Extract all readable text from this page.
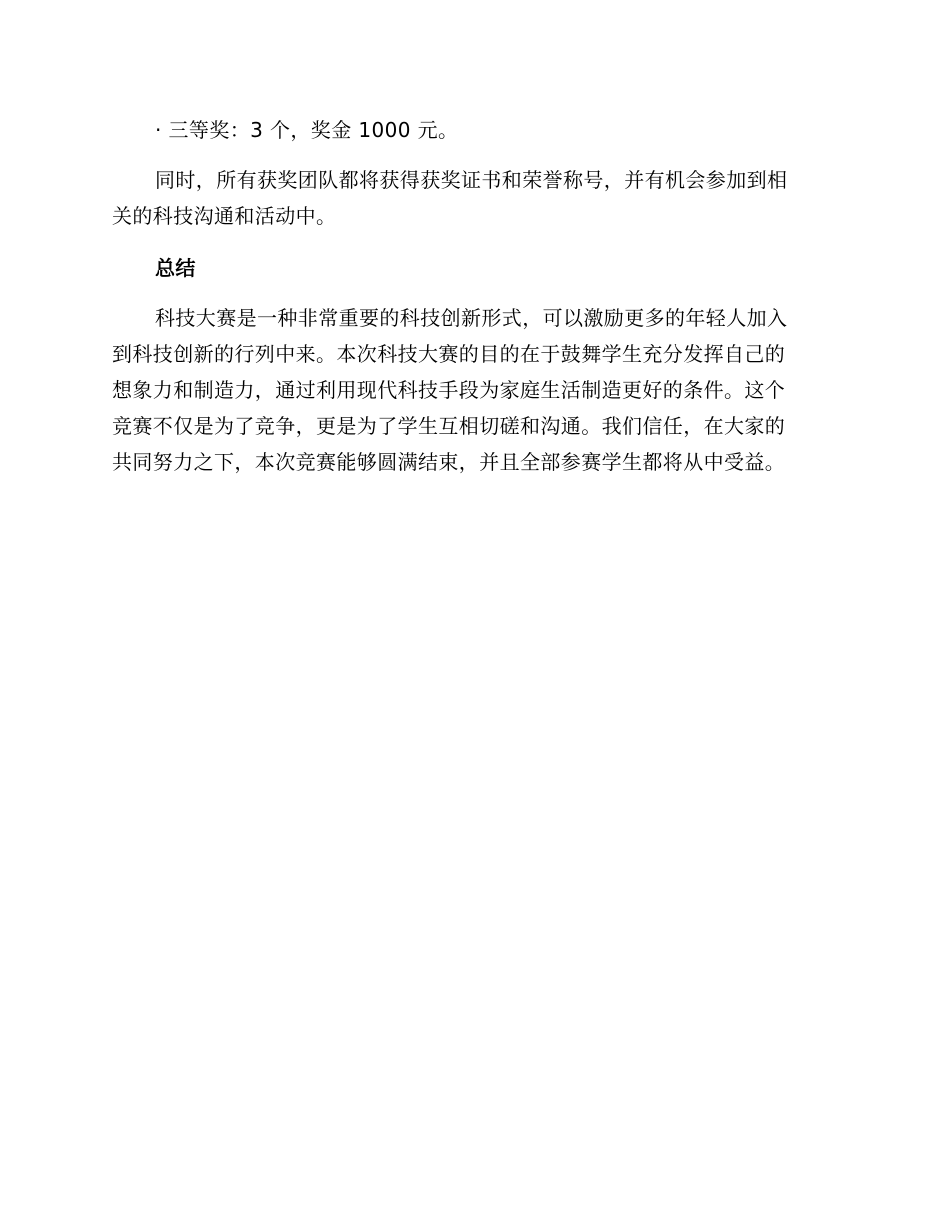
· 三等奖：3 个，奖金 1000 元。

同时，所有获奖团队都将获得获奖证书和荣誉称号，并有机会参加到相

关的科技沟通和活动中。

总结

科技大赛是一种非常重要的科技创新形式，可以激励更多的年轻人加入

到科技创新的行列中来。本次科技大赛的目的在于鼓舞学生充分发挥自己的

想象力和制造力，通过利用现代科技手段为家庭生活制造更好的条件。这个

竞赛不仅是为了竞争，更是为了学生互相切磋和沟通。我们信任，在大家的

共同努力之下，本次竞赛能够圆满结束，并且全部参赛学生都将从中受益。
